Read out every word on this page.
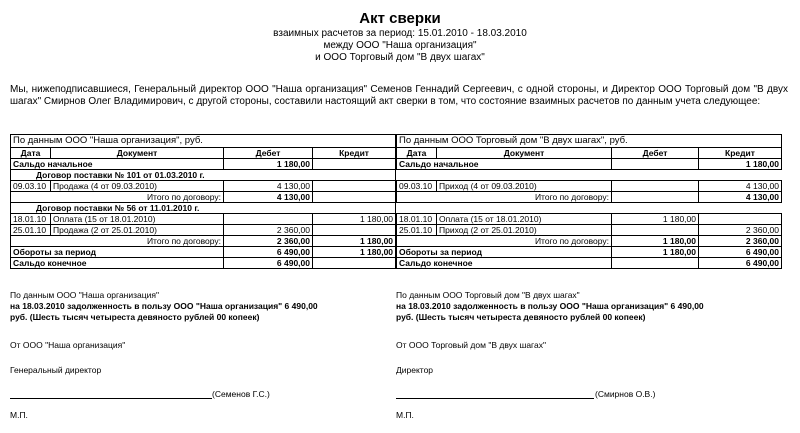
Акт сверки
взаимных расчетов за период: 15.01.2010 - 18.03.2010
между ООО "Наша организация"
и ООО Торговый дом "В двух шагах"
Мы, нижеподписавшиеся, Генеральный директор ООО "Наша организация" Семенов Геннадий Сергеевич, с одной стороны, и Директор ООО Торговый дом "В двух шагах" Смирнов Олег Владимирович, с другой стороны, составили настоящий акт сверки в том, что состояние взаимных расчетов по данным учета следующее:
По данным ООО "Наша организация", руб.			
Дата	Документ	Дебет	Кредит
Сальдо начальное		1 180,00	
Договор поставки № 101 от 01.03.2010 г.			
09.03.10	Продажа (4 от 09.03.2010)	4 130,00	
Итого по договору:		4 130,00	
Договор поставки № 56 от 11.01.2010 г.			
18.01.10	Оплата (15 от 18.01.2010)		1 180,00
25.01.10	Продажа (2 от 25.01.2010)	2 360,00	
Итого по договору:		2 360,00	1 180,00
Обороты за период		6 490,00	1 180,00
Сальдо конечное		6 490,00	
По данным ООО Торговый дом "В двух шагах", руб.			
Дата	Документ	Дебет	Кредит
Сальдо начальное			1 180,00

09.03.10	Приход (4 от 09.03.2010)		4 130,00
Итого по договору:			4 130,00

18.01.10	Оплата (15 от 18.01.2010)	1 180,00	
25.01.10	Приход (2 от 25.01.2010)		2 360,00
Итого по договору:		1 180,00	2 360,00
Обороты за период		1 180,00	6 490,00
Сальдо конечное			6 490,00
По данным ООО "Наша организация"
на 18.03.2010 задолженность в пользу ООО "Наша организация" 6 490,00
руб. (Шесть тысяч четыреста девяносто рублей 00 копеек)
От ООО "Наша организация"
Генеральный директор
(Семенов Г.С.)
М.П.
По данным ООО Торговый дом "В двух шагах"
на 18.03.2010 задолженность в пользу ООО "Наша организация" 6 490,00
руб. (Шесть тысяч четыреста девяносто рублей 00 копеек)
От ООО Торговый дом "В двух шагах"
Директор
(Смирнов О.В.)
М.П.
